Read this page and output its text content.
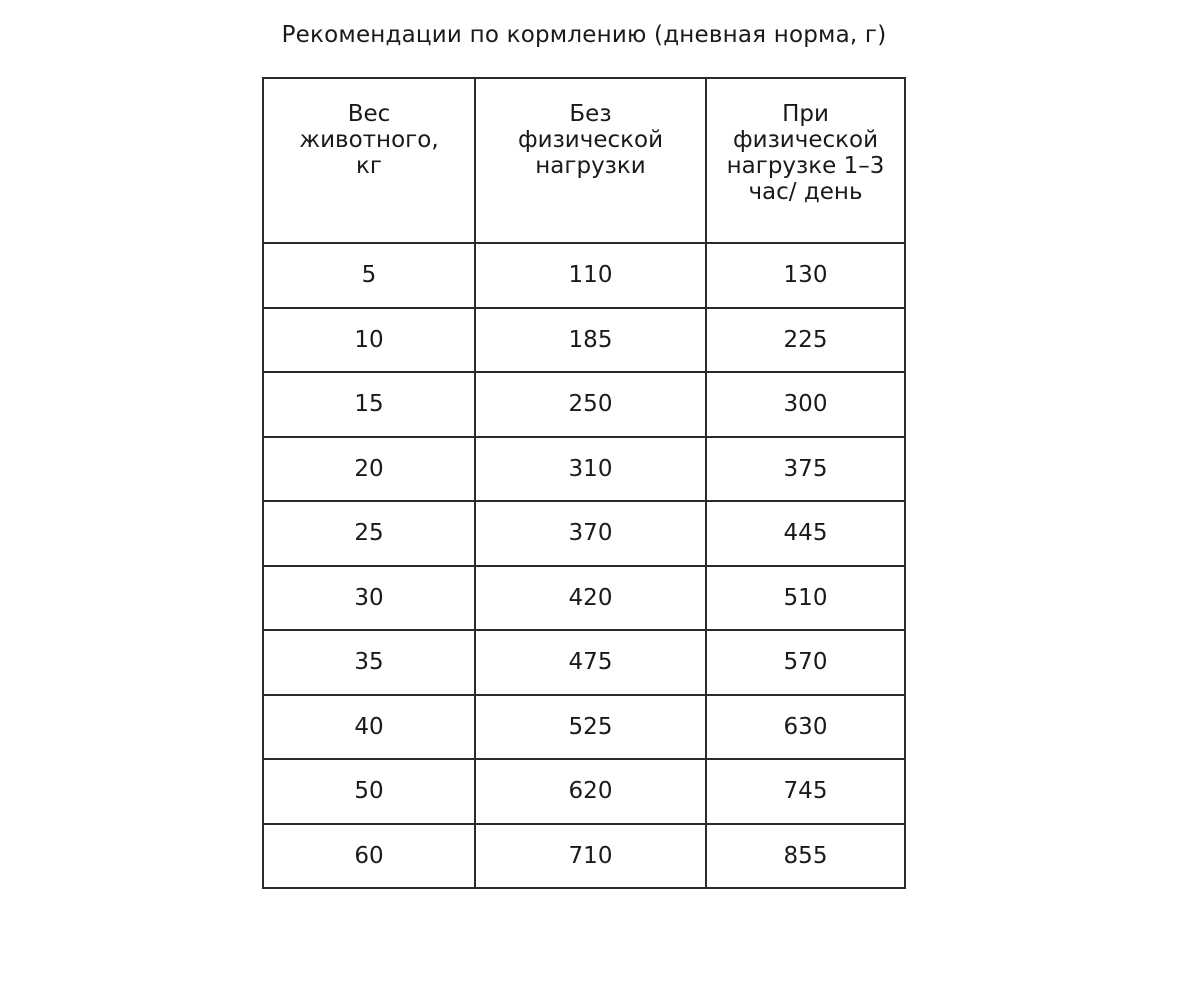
Рекомендации по кормлению (дневная норма, г)
Вес животного, кг	Без физической нагрузки	При физической нагрузке 1–3 час/ день

5	110	130
10	185	225
15	250	300
20	310	375
25	370	445
30	420	510
35	475	570
40	525	630
50	620	745
60	710	855
